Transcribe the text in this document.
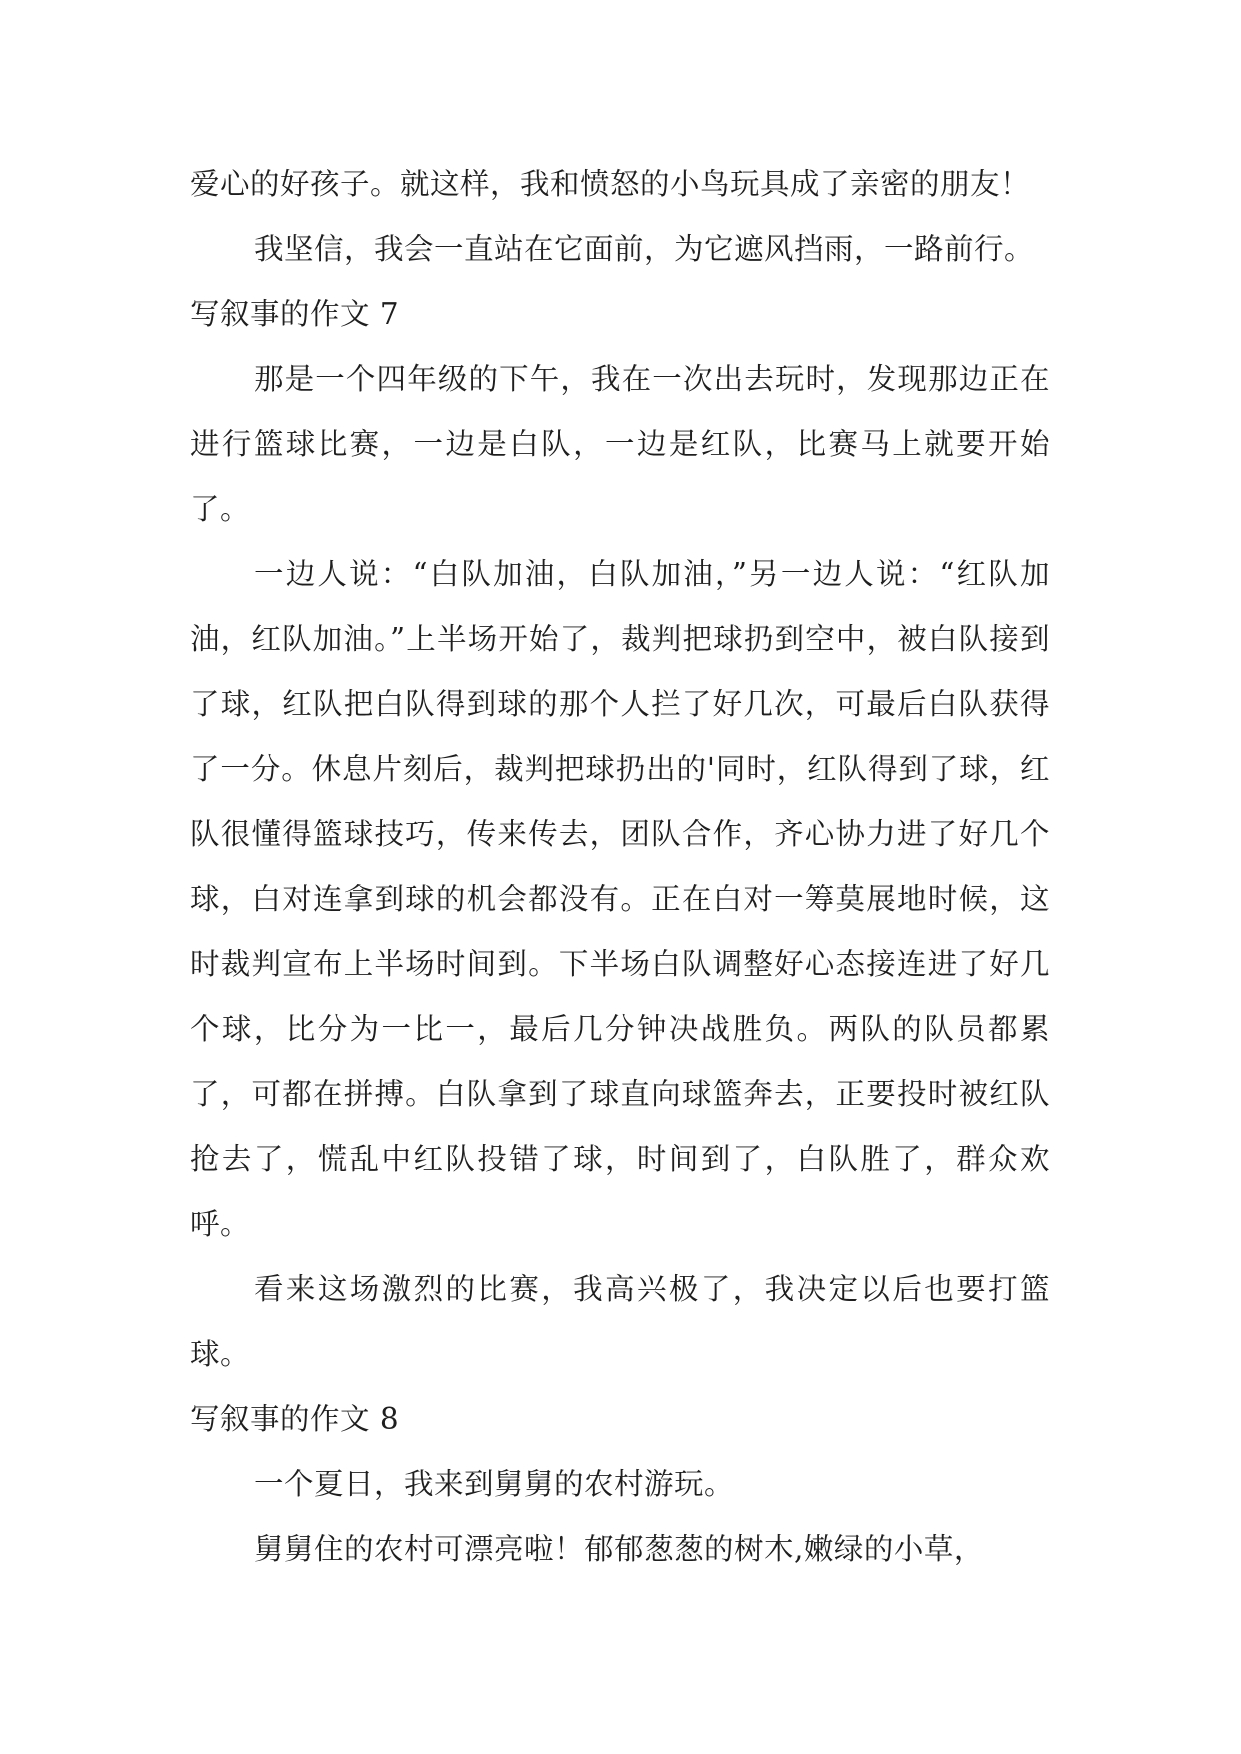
爱心的好孩子。就这样，我和愤怒的小鸟玩具成了亲密的朋友！

我坚信，我会一直站在它面前，为它遮风挡雨，一路前行。

写叙事的作文 7

那是一个四年级的下午，我在一次出去玩时，发现那边正在进行篮球比赛，一边是白队，一边是红队，比赛马上就要开始了。

一边人说：“白队加油，白队加油，”另一边人说：“红队加油，红队加油。”上半场开始了，裁判把球扔到空中，被白队接到了球，红队把白队得到球的那个人拦了好几次，可最后白队获得了一分。休息片刻后，裁判把球扔出的'同时，红队得到了球，红队很懂得篮球技巧，传来传去，团队合作，齐心协力进了好几个球，白对连拿到球的机会都没有。正在白对一筹莫展地时候，这时裁判宣布上半场时间到。下半场白队调整好心态接连进了好几个球，比分为一比一，最后几分钟决战胜负。两队的队员都累了，可都在拼搏。白队拿到了球直向球篮奔去，正要投时被红队抢去了，慌乱中红队投错了球，时间到了，白队胜了，群众欢呼。

看来这场激烈的比赛，我高兴极了，我决定以后也要打篮球。

写叙事的作文 8

一个夏日，我来到舅舅的农村游玩。

舅舅住的农村可漂亮啦！郁郁葱葱的树木,嫩绿的小草，
